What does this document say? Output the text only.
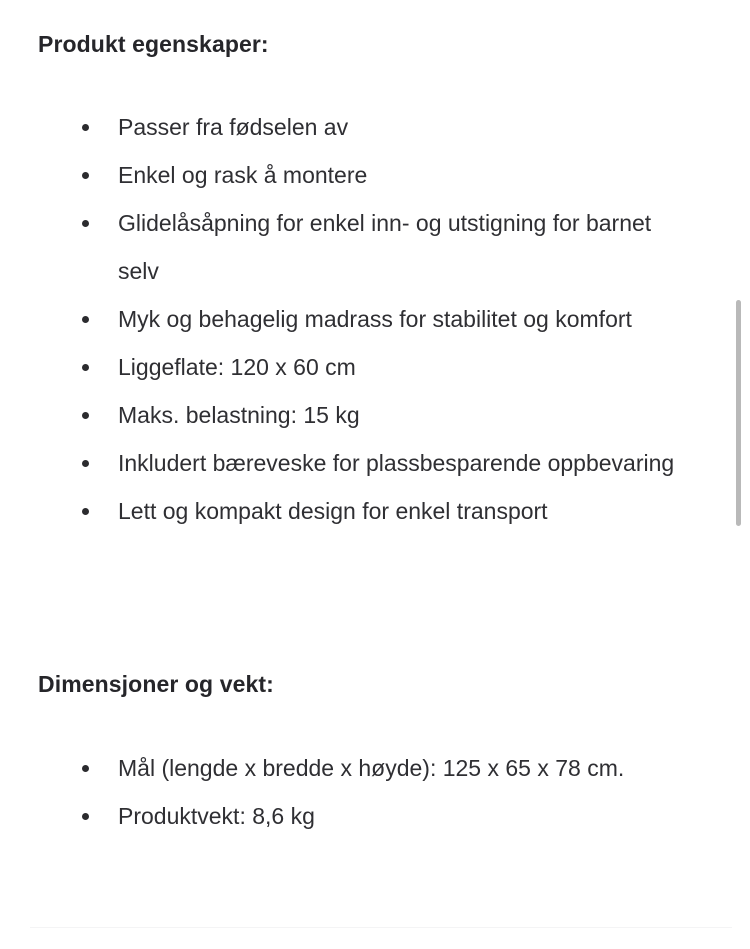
Produkt egenskaper:
Passer fra fødselen av
Enkel og rask å montere
Glidelåsåpning for enkel inn- og utstigning for barnet selv
Myk og behagelig madrass for stabilitet og komfort
Liggeflate: 120 x 60 cm
Maks. belastning: 15 kg
Inkludert bæreveske for plassbesparende oppbevaring
Lett og kompakt design for enkel transport
Dimensjoner og vekt:
Mål (lengde x bredde x høyde): 125 x 65 x 78 cm.
Produktvekt: 8,6 kg
